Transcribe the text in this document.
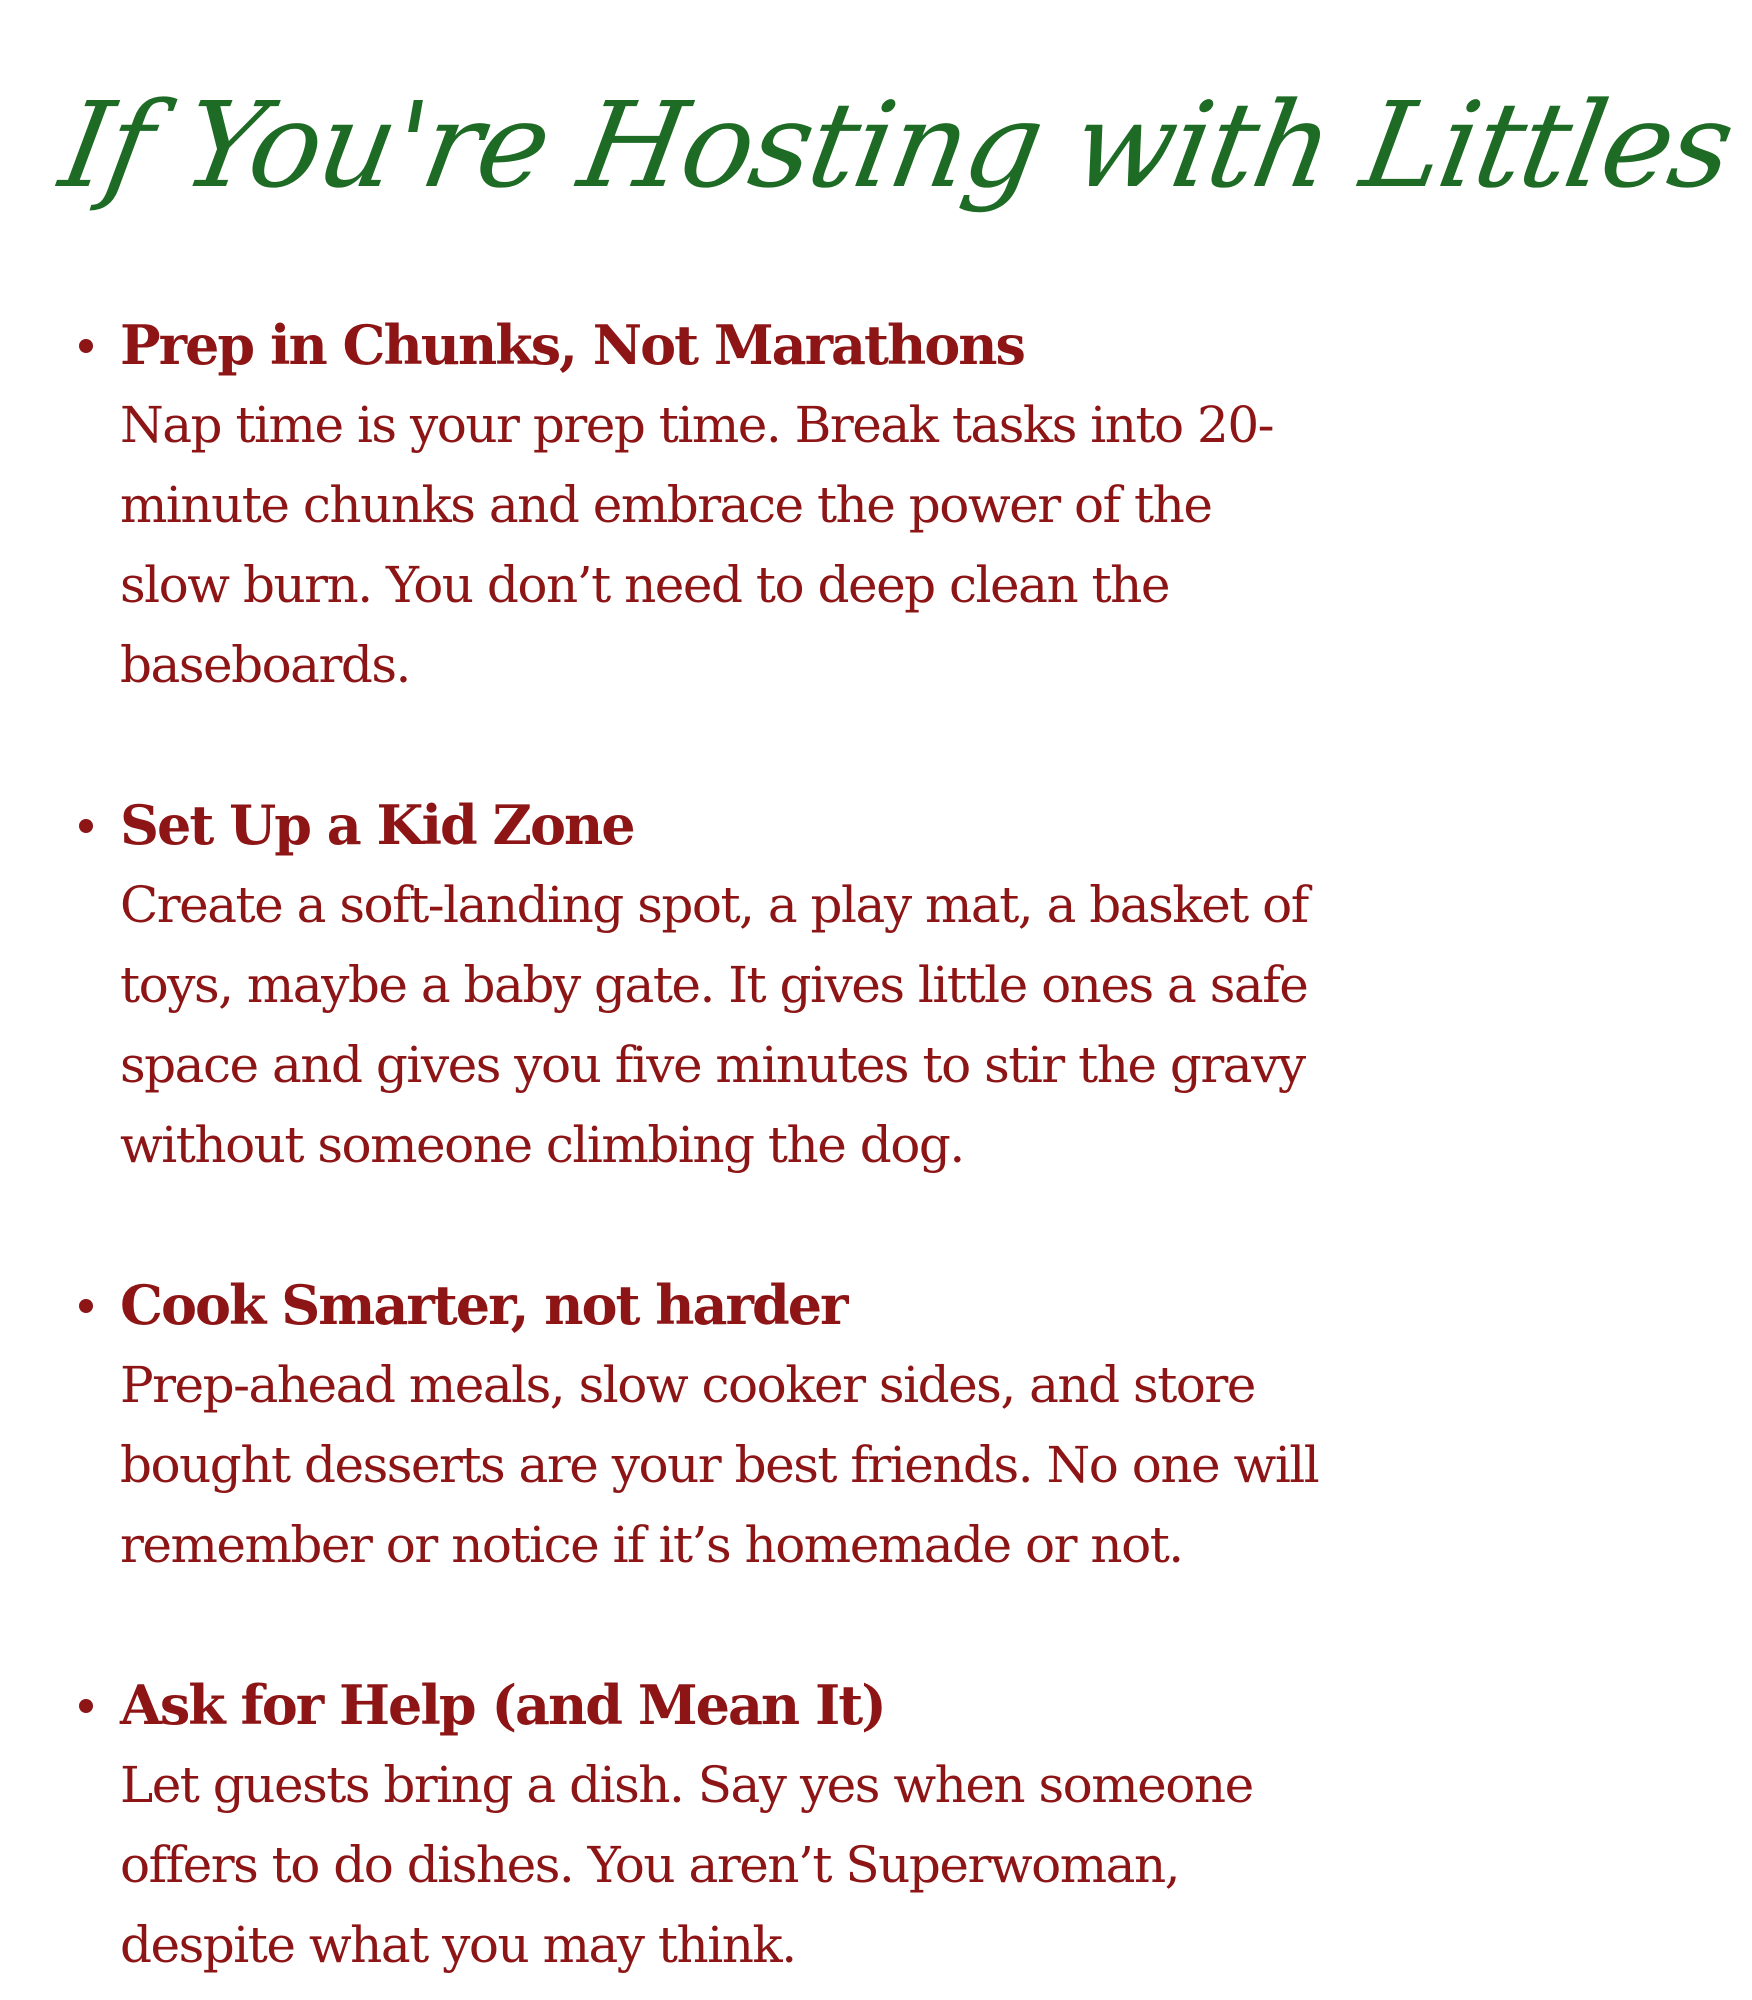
If You're Hosting with Littles
Prep in Chunks, Not Marathons

Nap time is your prep time. Break tasks into 20-
minute chunks and embrace the power of the
slow burn. You don’t need to deep clean the
baseboards.

Set Up a Kid Zone

Create a soft-landing spot, a play mat, a basket of
toys, maybe a baby gate. It gives little ones a safe
space and gives you five minutes to stir the gravy
without someone climbing the dog.

Cook Smarter, not harder

Prep-ahead meals, slow cooker sides, and store
bought desserts are your best friends. No one will
remember or notice if it’s homemade or not.

Ask for Help (and Mean It)

Let guests bring a dish. Say yes when someone
offers to do dishes. You aren’t Superwoman,
despite what you may think.
